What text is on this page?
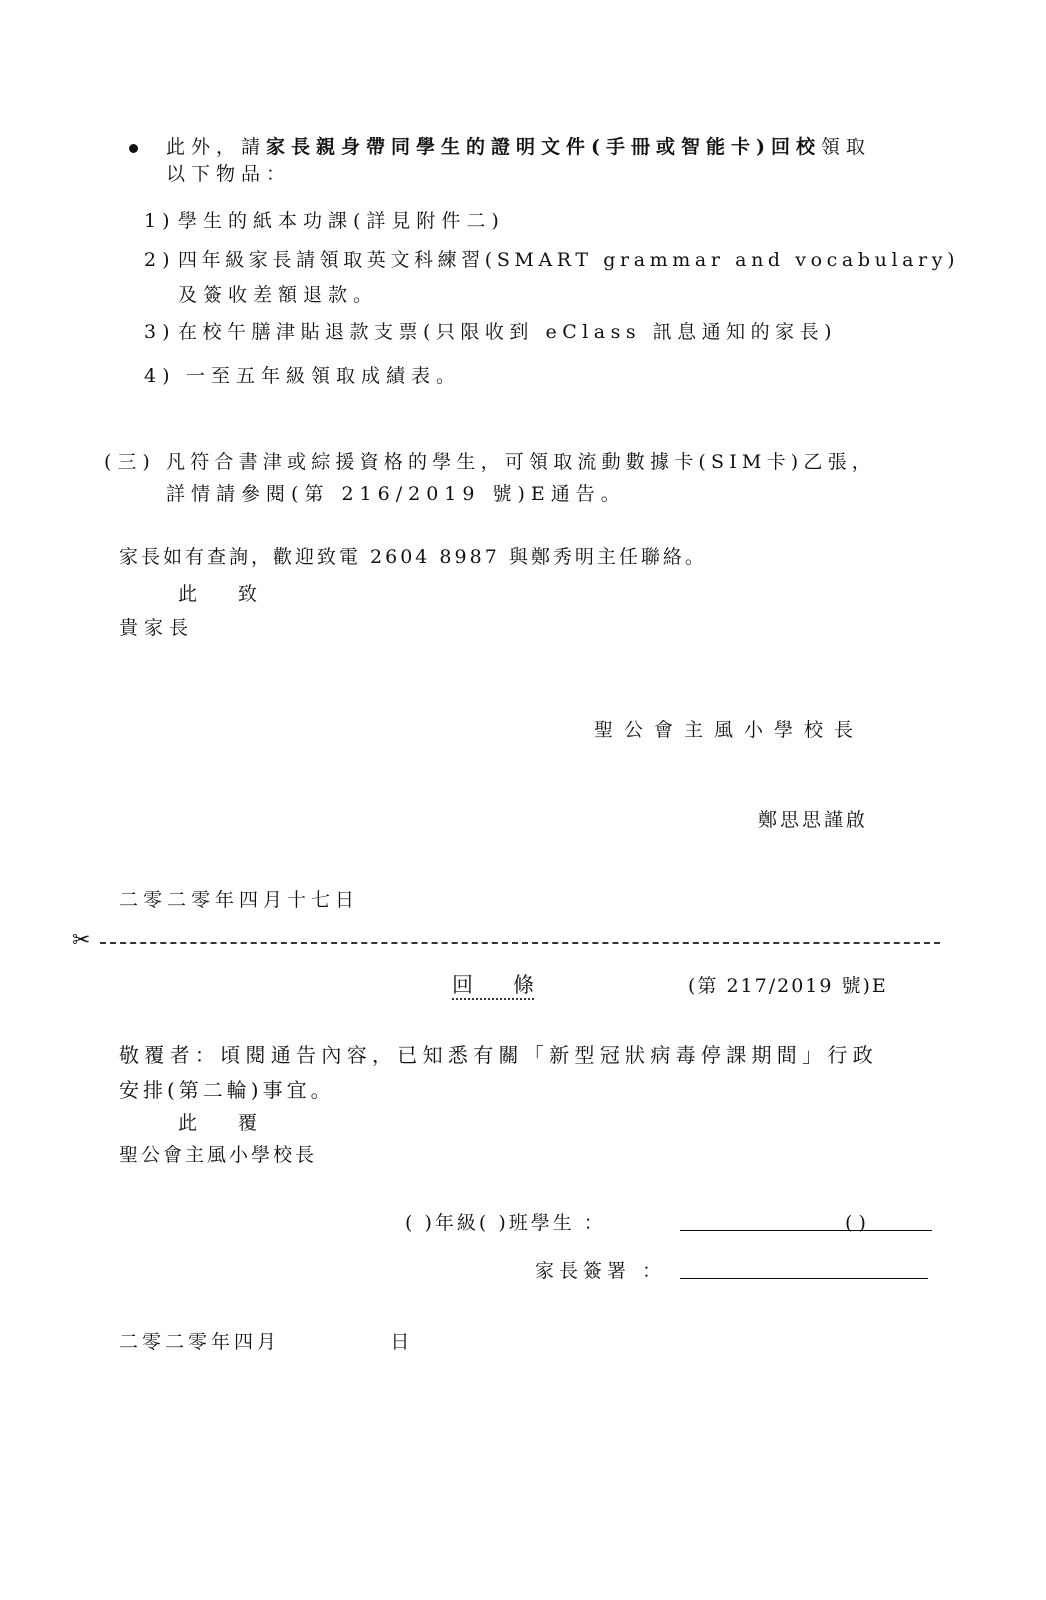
此外，請家長親身帶同學生的證明文件(手冊或智能卡)回校領取
以下物品：
1) 學生的紙本功課(詳見附件二)
2) 四年級家長請領取英文科練習(SMART grammar and vocabulary)
及簽收差額退款。
3) 在校午膳津貼退款支票(只限收到 eClass 訊息通知的家長)
4) 一至五年級領取成績表。
(三) 凡符合書津或綜援資格的學生，可領取流動數據卡(SIM卡)乙張，
詳情請參閱(第 216/2019 號)E通告。
家長如有查詢，歡迎致電 2604 8987 與鄭秀明主任聯絡。
此 致
貴家長
聖公會主風小學校長
鄭思思謹啟
二零二零年四月十七日
✂
回 條	(第 217/2019 號)E
敬覆者：頃閱通告內容，已知悉有關「新型冠狀病毒停課期間」行政
安排(第二輪)事宜。
此 覆
聖公會主風小學校長
( )年級( )班學生 ：	( )
家長簽署 ：
二零二零年四月           日
